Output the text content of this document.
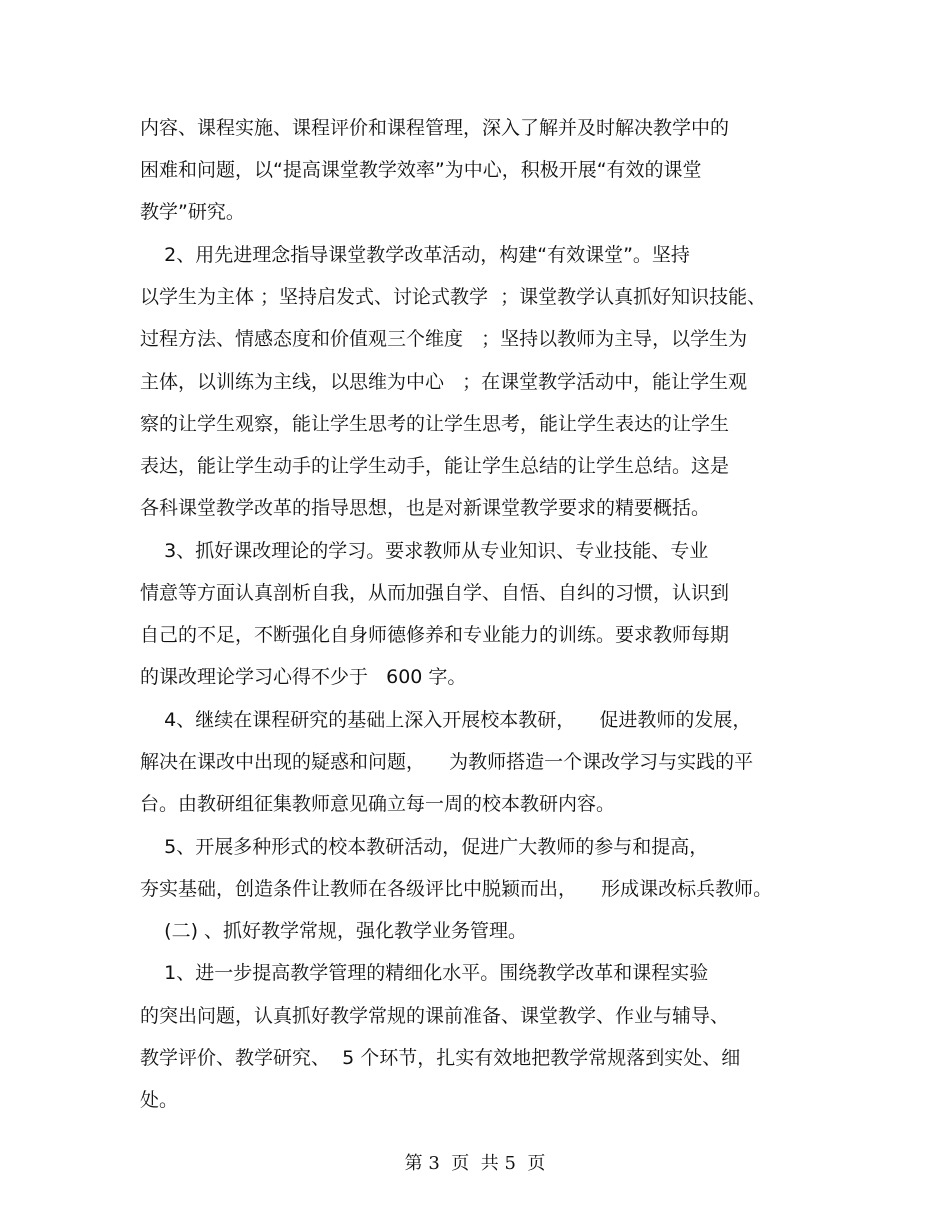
内容、课程实施、课程评价和课程管理，深入了解并及时解决教学中的
困难和问题，以“提高课堂教学效率”为中心，积极开展“有效的课堂
教学”研究。
2、用先进理念指导课堂教学改革活动，构建“有效课堂”。坚持
以学生为主体 ；坚持启发式、讨论式教学  ；课堂教学认真抓好知识技能、
过程方法、情感态度和价值观三个维度   ；坚持以教师为主导，以学生为
主体，以训练为主线，以思维为中心   ；在课堂教学活动中，能让学生观
察的让学生观察，能让学生思考的让学生思考，能让学生表达的让学生
表达，能让学生动手的让学生动手，能让学生总结的让学生总结。这是
各科课堂教学改革的指导思想，也是对新课堂教学要求的精要概括。
3、抓好课改理论的学习。要求教师从专业知识、专业技能、专业
情意等方面认真剖析自我，从而加强自学、自悟、自纠的习惯，认识到
自己的不足，不断强化自身师德修养和专业能力的训练。要求教师每期
的课改理论学习心得不少于   600 字。
4、继续在课程研究的基础上深入开展校本教研，    促进教师的发展，
解决在课改中出现的疑惑和问题，    为教师搭造一个课改学习与实践的平
台。由教研组征集教师意见确立每一周的校本教研内容。
5、开展多种形式的校本教研活动，促进广大教师的参与和提高，
夯实基础，创造条件让教师在各级评比中脱颖而出，    形成课改标兵教师。
(二) 、抓好教学常规，强化教学业务管理。
1、进一步提高教学管理的精细化水平。围绕教学改革和课程实验
的突出问题，认真抓好教学常规的课前准备、课堂教学、作业与辅导、
教学评价、教学研究、  5 个环节，扎实有效地把教学常规落到实处、细
处。
第 3  页  共 5  页
